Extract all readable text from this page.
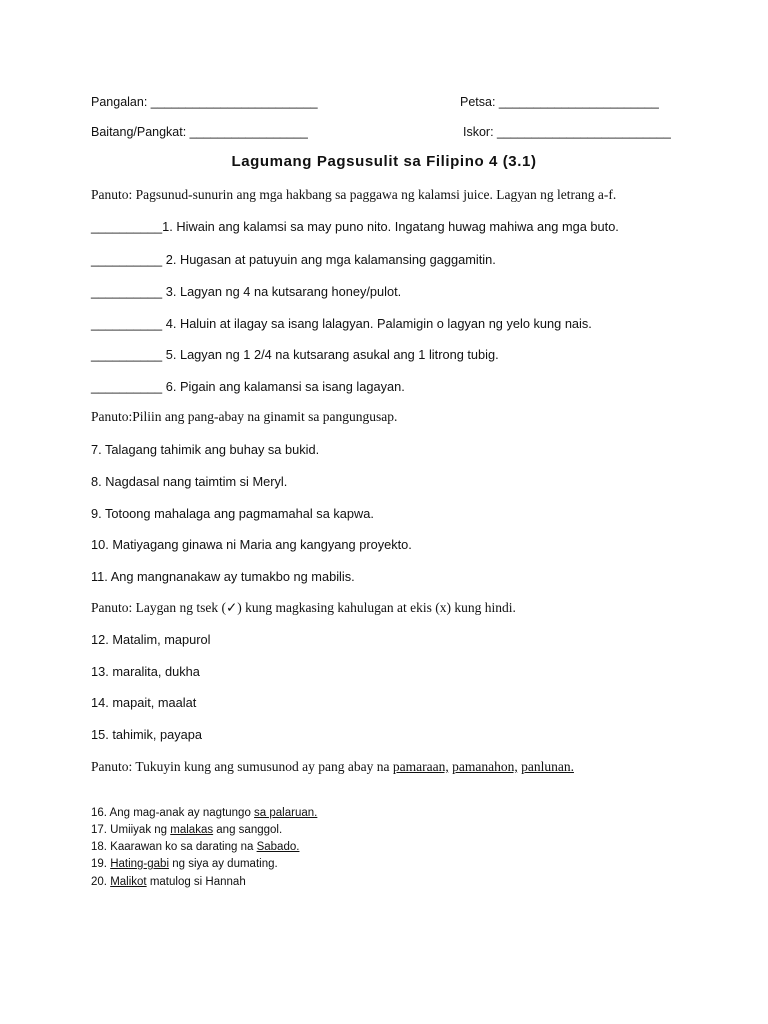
Pangalan: ________________________	Petsa: _______________________
Baitang/Pangkat: _________________	Iskor: _________________________
Lagumang Pagsusulit sa Filipino 4 (3.1)
Panuto: Pagsunud-sunurin ang mga hakbang sa paggawa ng kalamsi juice. Lagyan ng letrang a-f.
__________1. Hiwain ang kalamsi sa may puno nito. Ingatang huwag mahiwa ang mga buto.
__________ 2. Hugasan at patuyuin ang mga kalamansing gaggamitin.
__________ 3. Lagyan ng 4 na kutsarang honey/pulot.
__________ 4. Haluin at ilagay sa isang lalagyan. Palamigin o lagyan ng yelo kung nais.
__________ 5. Lagyan ng 1 2/4 na kutsarang asukal ang 1 litrong tubig.
__________ 6. Pigain ang kalamansi sa isang lagayan.
Panuto:Piliin ang pang-abay na ginamit sa pangungusap.
7. Talagang tahimik ang buhay sa bukid.
8. Nagdasal nang taimtim si Meryl.
9. Totoong mahalaga ang pagmamahal sa kapwa.
10. Matiyagang ginawa ni Maria ang kangyang proyekto.
11. Ang mangnanakaw ay tumakbo ng mabilis.
Panuto: Laygan ng tsek (✓) kung magkasing kahulugan at ekis (x) kung hindi.
12. Matalim, mapurol
13. maralita, dukha
14. mapait, maalat
15. tahimik, payapa
Panuto: Tukuyin kung ang sumusunod ay pang abay na pamaraan, pamanahon, panlunan.
16. Ang mag-anak ay nagtungo sa palaruan.
17. Umiiyak ng malakas ang sanggol.
18. Kaarawan ko sa darating na Sabado.
19. Hating-gabi ng siya ay dumating.
20. Malikot matulog si Hannah
